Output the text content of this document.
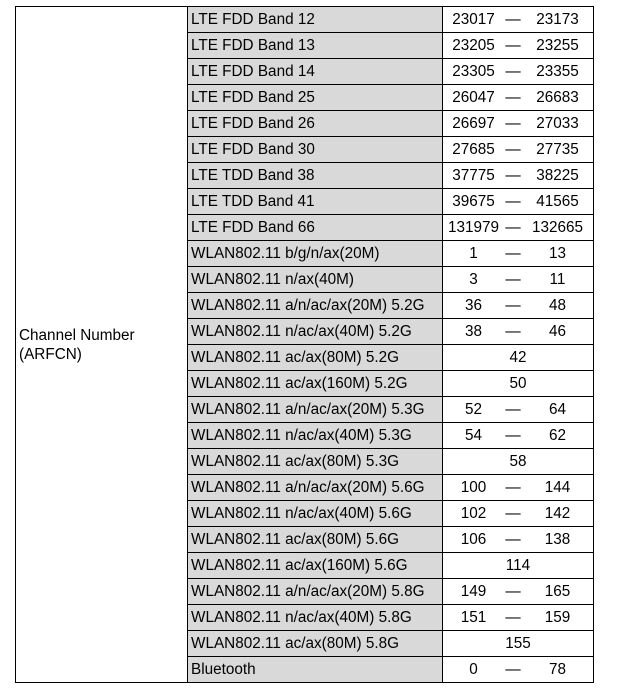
Channel Number
(ARFCN)	LTE FDD Band 12	23017	—	23173
	LTE FDD Band 13	23205	—	23255
	LTE FDD Band 14	23305	—	23355
	LTE FDD Band 25	26047	—	26683
	LTE FDD Band 26	26697	—	27033
	LTE FDD Band 30	27685	—	27735
	LTE TDD Band 38	37775	—	38225
	LTE TDD Band 41	39675	—	41565
	LTE FDD Band 66	131979	—	132665
	WLAN802.11 b/g/n/ax(20M)	1	—	13
	WLAN802.11 n/ax(40M)	3	—	11
	WLAN802.11 a/n/ac/ax(20M) 5.2G	36	—	48
	WLAN802.11 n/ac/ax(40M) 5.2G	38	—	46
	WLAN802.11 ac/ax(80M) 5.2G	42		
	WLAN802.11 ac/ax(160M) 5.2G	50		
	WLAN802.11 a/n/ac/ax(20M) 5.3G	52	—	64
	WLAN802.11 n/ac/ax(40M) 5.3G	54	—	62
	WLAN802.11 ac/ax(80M) 5.3G	58		
	WLAN802.11 a/n/ac/ax(20M) 5.6G	100	—	144
	WLAN802.11 n/ac/ax(40M) 5.6G	102	—	142
	WLAN802.11 ac/ax(80M) 5.6G	106	—	138
	WLAN802.11 ac/ax(160M) 5.6G	114		
	WLAN802.11 a/n/ac/ax(20M) 5.8G	149	—	165
	WLAN802.11 n/ac/ax(40M) 5.8G	151	—	159
	WLAN802.11 ac/ax(80M) 5.8G	155		
	Bluetooth	0	—	78
